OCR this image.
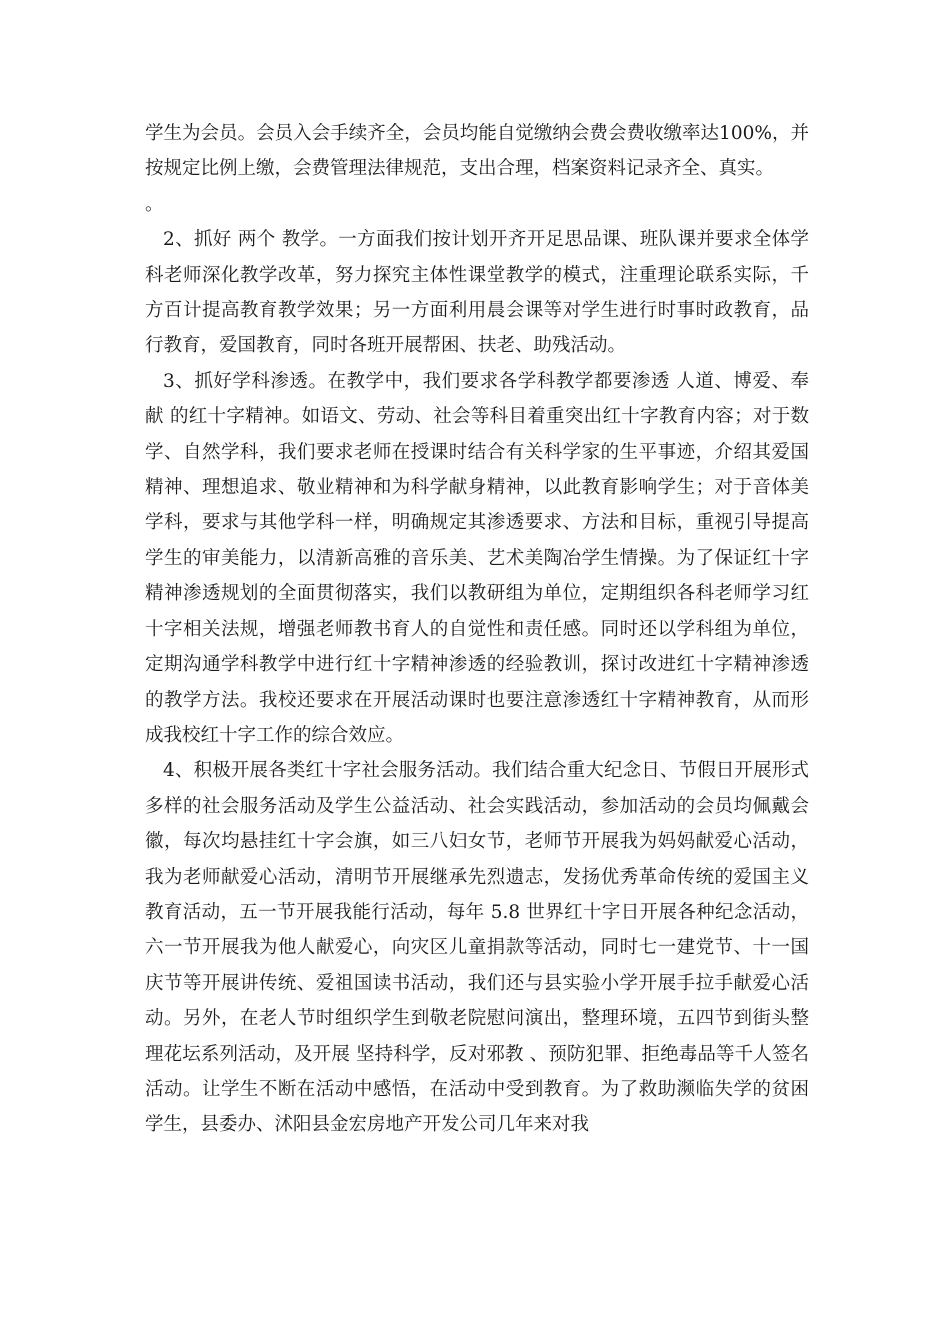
学生为会员。会员入会手续齐全，会员均能自觉缴纳会费会费收缴率达100%，并按规定比例上缴，会费管理法律规范，支出合理，档案资料记录齐全、真实。

。

2、抓好 两个 教学。一方面我们按计划开齐开足思品课、班队课并要求全体学科老师深化教学改革，努力探究主体性课堂教学的模式，注重理论联系实际，千方百计提高教育教学效果；另一方面利用晨会课等对学生进行时事时政教育，品行教育，爱国教育，同时各班开展帮困、扶老、助残活动。

3、抓好学科渗透。在教学中，我们要求各学科教学都要渗透 人道、博爱、奉献 的红十字精神。如语文、劳动、社会等科目着重突出红十字教育内容；对于数学、自然学科，我们要求老师在授课时结合有关科学家的生平事迹，介绍其爱国精神、理想追求、敬业精神和为科学献身精神，以此教育影响学生；对于音体美学科，要求与其他学科一样，明确规定其渗透要求、方法和目标，重视引导提高学生的审美能力，以清新高雅的音乐美、艺术美陶冶学生情操。为了保证红十字精神渗透规划的全面贯彻落实，我们以教研组为单位，定期组织各科老师学习红十字相关法规，增强老师教书育人的自觉性和责任感。同时还以学科组为单位，定期沟通学科教学中进行红十字精神渗透的经验教训，探讨改进红十字精神渗透的教学方法。我校还要求在开展活动课时也要注意渗透红十字精神教育，从而形成我校红十字工作的综合效应。

4、积极开展各类红十字社会服务活动。我们结合重大纪念日、节假日开展形式多样的社会服务活动及学生公益活动、社会实践活动，参加活动的会员均佩戴会徽，每次均悬挂红十字会旗，如三八妇女节，老师节开展我为妈妈献爱心活动，我为老师献爱心活动，清明节开展继承先烈遗志，发扬优秀革命传统的爱国主义教育活动，五一节开展我能行活动，每年 5.8 世界红十字日开展各种纪念活动，六一节开展我为他人献爱心，向灾区儿童捐款等活动，同时七一建党节、十一国庆节等开展讲传统、爱祖国读书活动，我们还与县实验小学开展手拉手献爱心活动。另外，在老人节时组织学生到敬老院慰问演出，整理环境，五四节到街头整理花坛系列活动，及开展 坚持科学，反对邪教 、预防犯罪、拒绝毒品等千人签名活动。让学生不断在活动中感悟，在活动中受到教育。为了救助濒临失学的贫困学生，县委办、沭阳县金宏房地产开发公司几年来对我
